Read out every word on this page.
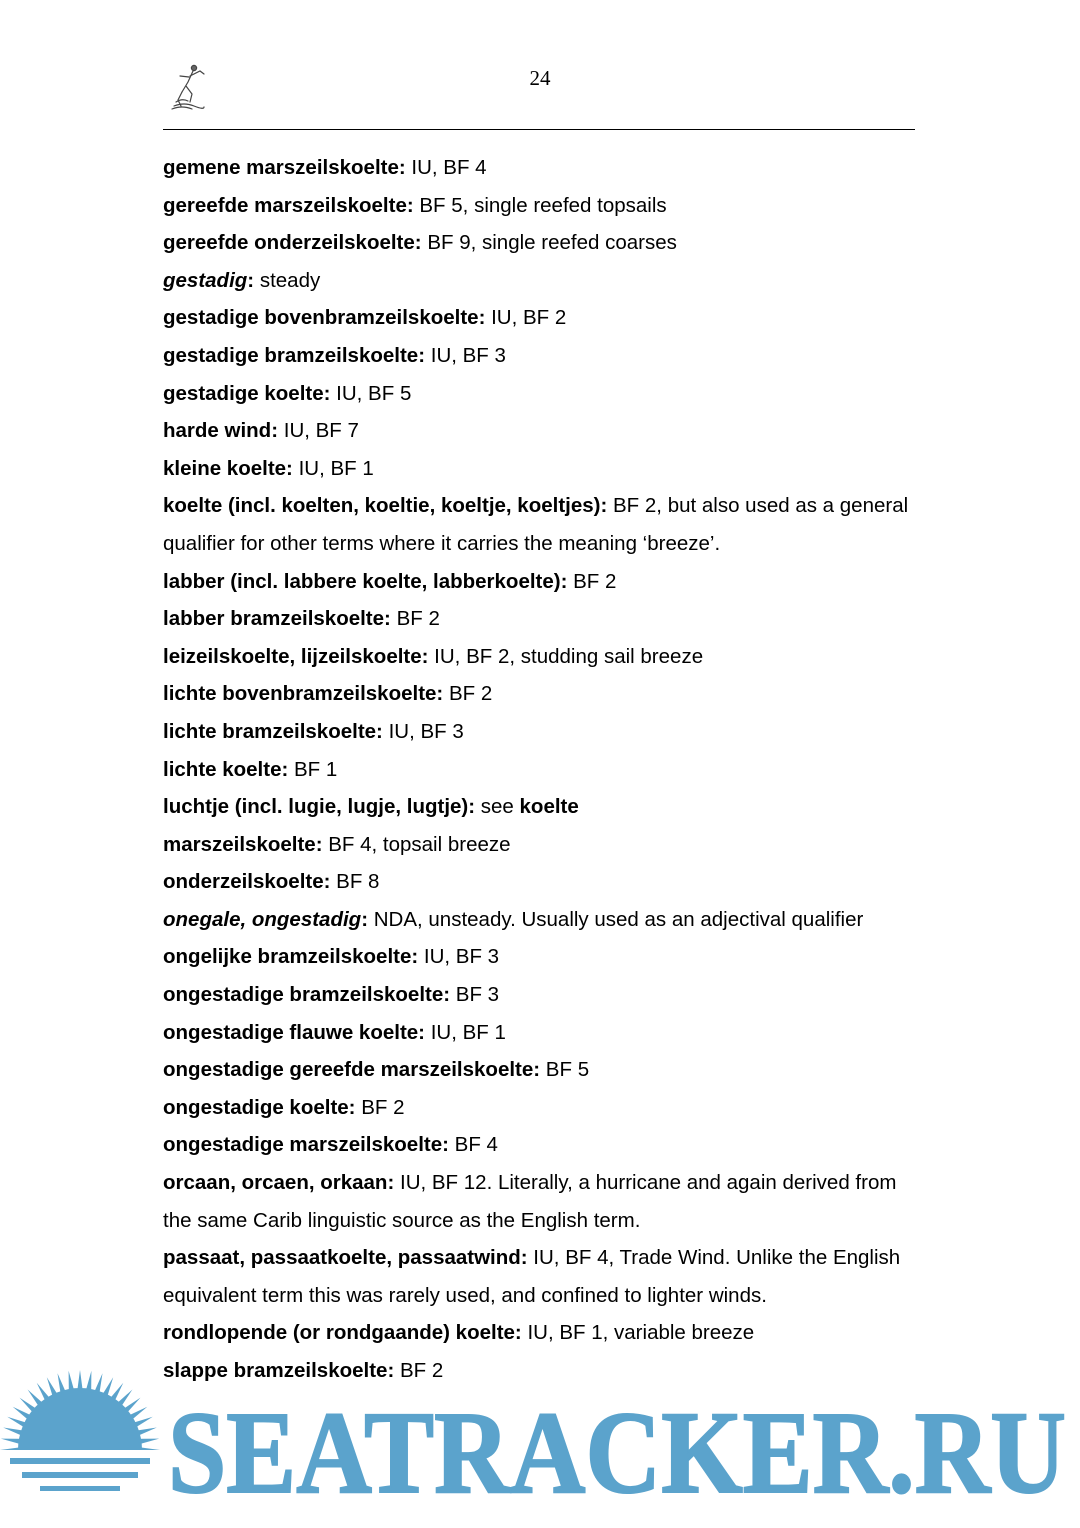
24
gemene marszeilskoelte: IU, BF 4
gereefde marszeilskoelte: BF 5, single reefed topsails
gereefde onderzeilskoelte: BF 9, single reefed coarses
gestadig: steady
gestadige bovenbramzeilskoelte: IU, BF 2
gestadige bramzeilskoelte: IU, BF 3
gestadige koelte: IU, BF 5
harde wind: IU, BF 7
kleine koelte: IU, BF 1
koelte (incl. koelten, koeltie, koeltje, koeltjes): BF 2, but also used as a general qualifier for other terms where it carries the meaning ‘breeze’.
labber (incl. labbere koelte, labberkoelte): BF 2
labber bramzeilskoelte: BF 2
leizeilskoelte, lijzeilskoelte: IU, BF 2, studding sail breeze
lichte bovenbramzeilskoelte: BF 2
lichte bramzeilskoelte: IU, BF 3
lichte koelte: BF 1
luchtje (incl. lugie, lugje, lugtje): see koelte
marszeilskoelte: BF 4, topsail breeze
onderzeilskoelte: BF 8
onegale, ongestadig: NDA, unsteady. Usually used as an adjectival qualifier
ongelijke bramzeilskoelte: IU, BF 3
ongestadige bramzeilskoelte: BF 3
ongestadige flauwe koelte: IU, BF 1
ongestadige gereefde marszeilskoelte: BF 5
ongestadige koelte: BF 2
ongestadige marszeilskoelte: BF 4
orcaan, orcaen, orkaan: IU, BF 12. Literally, a hurricane and again derived from the same Carib linguistic source as the English term.
passaat, passaatkoelte, passaatwind: IU, BF 4, Trade Wind. Unlike the English equivalent term this was rarely used, and confined to lighter winds.
rondlopende (or rondgaande) koelte: IU, BF 1, variable breeze
slappe bramzeilskoelte: BF 2
SEATRACKER.RU
